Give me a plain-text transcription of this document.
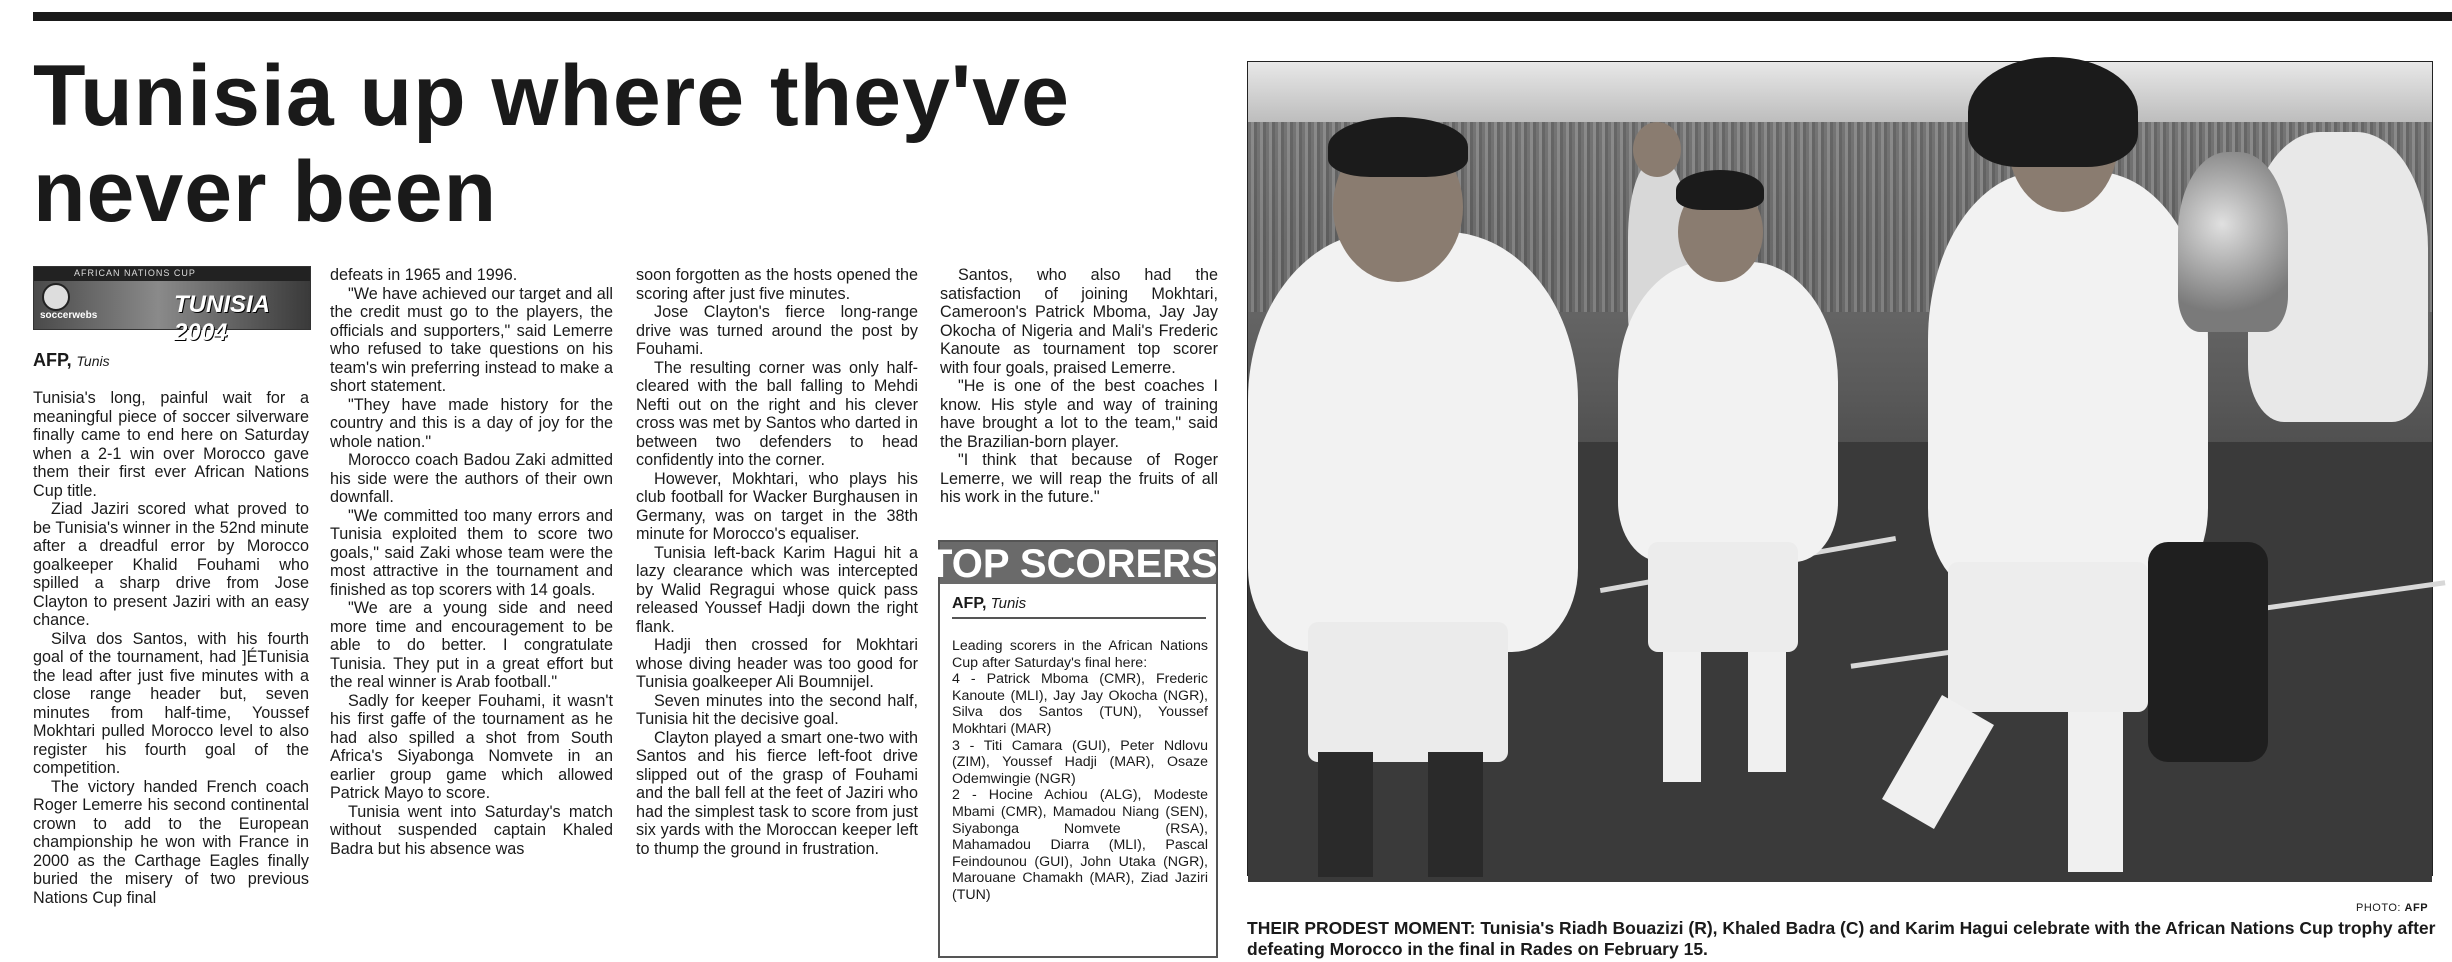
Tunisia up where they've never been
AFRICAN NATIONS CUP
TUNISIA 2004
soccerwebs
AFP, Tunis

Tunisia's long, painful wait for a meaningful piece of soccer silverware finally came to end here on Saturday when a 2-1 win over Morocco gave them their first ever African Nations Cup title.

Ziad Jaziri scored what proved to be Tunisia's winner in the 52nd minute after a dreadful error by Morocco goalkeeper Khalid Fouhami who spilled a sharp drive from Jose Clayton to present Jaziri with an easy chance.

Silva dos Santos, with his fourth goal of the tournament, had ]ÉTunisia the lead after just five minutes with a close range header but, seven minutes from half-time, Youssef Mokhtari pulled Morocco level to also register his fourth goal of the competition.

The victory handed French coach Roger Lemerre his second continental crown to add to the European championship he won with France in 2000 as the Carthage Eagles finally buried the misery of two previous Nations Cup final

defeats in 1965 and 1996.

"We have achieved our target and all the credit must go to the players, the officials and supporters," said Lemerre who refused to take questions on his team's win preferring instead to make a short statement.

"They have made history for the country and this is a day of joy for the whole nation."

Morocco coach Badou Zaki admitted his side were the authors of their own downfall.

"We committed too many errors and Tunisia exploited them to score two goals," said Zaki whose team were the most attractive in the tournament and finished as top scorers with 14 goals.

"We are a young side and need more time and encouragement to be able to do better. I congratulate Tunisia. They put in a great effort but the real winner is Arab football."

Sadly for keeper Fouhami, it wasn't his first gaffe of the tournament as he had also spilled a shot from South Africa's Siyabonga Nomvete in an earlier group game which allowed Patrick Mayo to score.

Tunisia went into Saturday's match without suspended captain Khaled Badra but his absence was

soon forgotten as the hosts opened the scoring after just five minutes.

Jose Clayton's fierce long-range drive was turned around the post by Fouhami.

The resulting corner was only half-cleared with the ball falling to Mehdi Nefti out on the right and his clever cross was met by Santos who darted in between two defenders to head confidently into the corner.

However, Mokhtari, who plays his club football for Wacker Burghausen in Germany, was on target in the 38th minute for Morocco's equaliser.

Tunisia left-back Karim Hagui hit a lazy clearance which was intercepted by Walid Regragui whose quick pass released Youssef Hadji down the right flank.

Hadji then crossed for Mokhtari whose diving header was too good for Tunisia goalkeeper Ali Boumnijel.

Seven minutes into the second half, Tunisia hit the decisive goal.

Clayton played a smart one-two with Santos and his fierce left-foot drive slipped out of the grasp of Fouhami and the ball fell at the feet of Jaziri who had the simplest task to score from just six yards with the Moroccan keeper left to thump the ground in frustration.

Santos, who also had the satisfaction of joining Mokhtari, Cameroon's Patrick Mboma, Jay Jay Okocha of Nigeria and Mali's Frederic Kanoute as tournament top scorer with four goals, praised Lemerre.

"He is one of the best coaches I know. His style and way of training have brought a lot to the team," said the Brazilian-born player.

"I think that because of Roger Lemerre, we will reap the fruits of all his work in the future."

TOP SCORERS
AFP, Tunis

Leading scorers in the African Nations Cup after Saturday's final here:

4 - Patrick Mboma (CMR), Frederic Kanoute (MLI), Jay Jay Okocha (NGR), Silva dos Santos (TUN), Youssef Mokhtari (MAR)

3 - Titi Camara (GUI), Peter Ndlovu (ZIM), Youssef Hadji (MAR), Osaze Odemwingie (NGR)

2 - Hocine Achiou (ALG), Modeste Mbami (CMR), Mamadou Niang (SEN), Siyabonga Nomvete (RSA), Mahamadou Diarra (MLI), Pascal Feindounou (GUI), John Utaka (NGR), Marouane Chamakh (MAR), Ziad Jaziri (TUN)

PHOTO: AFP
THEIR PRODEST MOMENT: Tunisia's Riadh Bouazizi (R), Khaled Badra (C) and Karim Hagui celebrate with the African Nations Cup trophy after defeating Morocco in the final in Rades on February 15.
